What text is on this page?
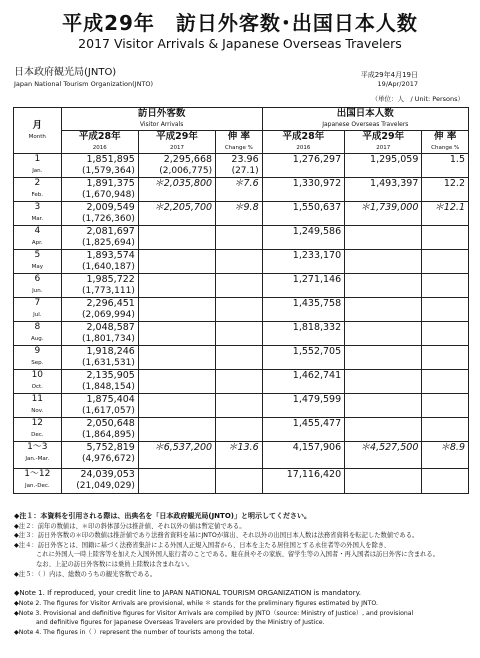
平成29年　訪日外客数･出国日本人数
2017 Visitor Arrivals & Japanese Overseas Travelers
日本政府観光局(JNTO)
Japan National Tourism Organization(JNTO)
平成29年4月19日
19/Apr/2017
（単位：人　/ Unit: Persons）
月
Month	訪日外客数
Visitor Arrivals			出国日本人数
Japanese Overseas Travelers		
	平成28年
2016	平成29年
2017	伸 率
Change %	平成28年
2016	平成29年
2017	伸 率
Change %
1
Jan.	1,851,895
(1,579,364)	2,295,668
(2,006,775)	23.96
(27.1)	1,276,297	1,295,059	1.5

2
Feb.	1,891,375
(1,670,948)	＊2,035,800	＊7.6	1,330,972	1,493,397	12.2

3
Mar.	2,009,549
(1,726,360)	＊2,205,700	＊9.8	1,550,637	＊1,739,000	＊12.1

4
Apr.	2,081,697
(1,825,694)			1,249,586		

5
May	1,893,574
(1,640,187)			1,233,170		

6
Jun.	1,985,722
(1,773,111)			1,271,146		

7
Jul.	2,296,451
(2,069,994)			1,435,758		

8
Aug.	2,048,587
(1,801,734)			1,818,332		

9
Sep.	1,918,246
(1,631,531)			1,552,705		

10
Oct.	2,135,905
(1,848,154)			1,462,741		

11
Nov.	1,875,404
(1,617,057)			1,479,599		

12
Dec.	2,050,648
(1,864,895)			1,455,477		

1～3
Jan.-Mar.	5,752,819
(4,976,672)	＊6,537,200	＊13.6	4,157,906	＊4,527,500	＊8.9

1～12
Jan.-Dec.	24,039,053
(21,049,029)			17,116,420		

◆注１：本資料を引用される際は、出典名を「日本政府観光局(JNTO)」と明示してください。
◆注２：前年の数値は、＊印の斜体部分は推計値、それ以外の値は暫定値である。
◆注３：訪日外客数の＊印の数値は推計値であり法務省資料を基にJNTOが算出、それ以外の出国日本人数は法務省資料を転記した数値である。
◆注４：訪日外客とは、国籍に基づく法務省集計による外国人正規入国者から、日本を主たる居住国とする永住者等の外国人を除き、
これに外国人一時上陸客等を加えた入国外国人旅行者のことである。駐在員やその家族、留学生等の入国者・再入国者は訪日外客に含まれる。
なお、上記の訪日外客数には乗員上陸数は含まれない。
◆注５：（ ）内は、総数のうちの観光客数である。
◆Note 1. If reproduced, your credit line to JAPAN NATIONAL TOURISM ORGANIZATION is mandatory.
◆Note 2. The figures for Visitor Arrivals are provisional, while ＊ stands for the preliminary figures estimated by JNTO.
◆Note 3. Provisional and definitive figures for Visitor Arrivals are compiled by JNTO（source: Ministry of Justice）, and provisional
and definitive figures for Japanese Overseas Travelers are provided by the Ministry of Justice.
◆Note 4. The figures in（ ）represent the number of tourists among the total.
